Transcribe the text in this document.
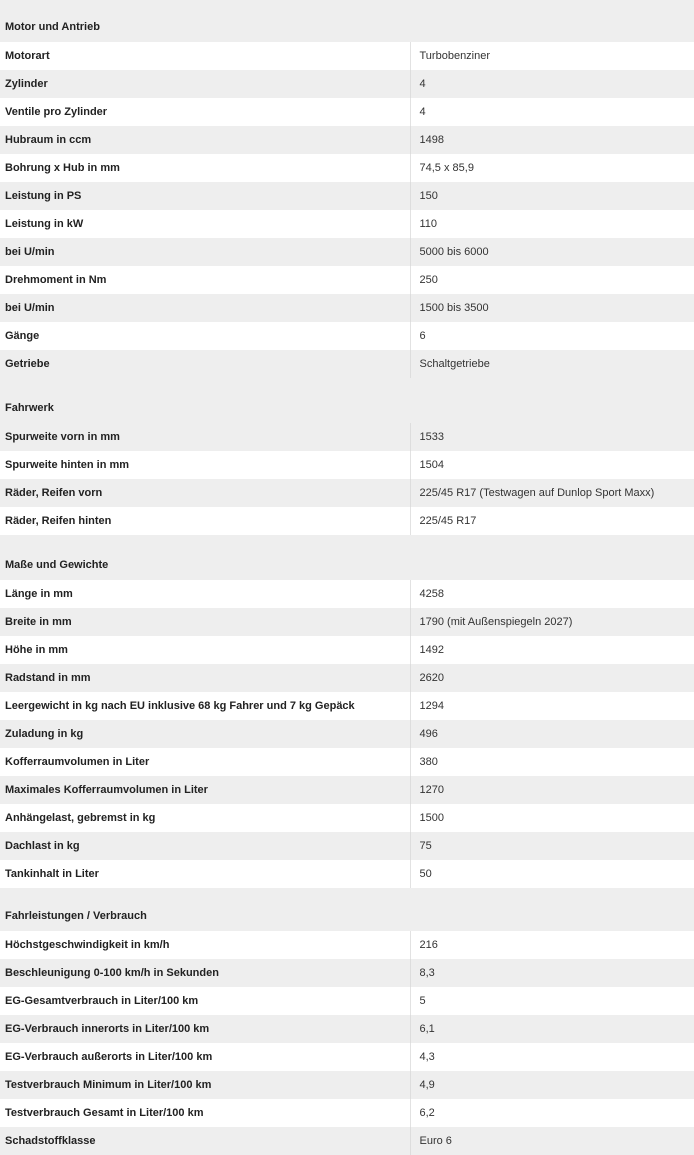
Motor und Antrieb	
Motorart	Turbobenziner
Zylinder	4
Ventile pro Zylinder	4
Hubraum in ccm	1498
Bohrung x Hub in mm	74,5 x 85,9
Leistung in PS	150
Leistung in kW	110
bei U/min	5000 bis 6000
Drehmoment in Nm	250
bei U/min	1500 bis 3500
Gänge	6
Getriebe	Schaltgetriebe
Fahrwerk	
Spurweite vorn in mm	1533
Spurweite hinten in mm	1504
Räder, Reifen vorn	225/45 R17 (Testwagen auf Dunlop Sport Maxx)
Räder, Reifen hinten	225/45 R17
Maße und Gewichte	
Länge in mm	4258
Breite in mm	1790 (mit Außenspiegeln 2027)
Höhe in mm	1492
Radstand in mm	2620
Leergewicht in kg nach EU inklusive 68 kg Fahrer und 7 kg Gepäck	1294
Zuladung in kg	496
Kofferraumvolumen in Liter	380
Maximales Kofferraumvolumen in Liter	1270
Anhängelast, gebremst in kg	1500
Dachlast in kg	75
Tankinhalt in Liter	50
Fahrleistungen / Verbrauch	
Höchstgeschwindigkeit in km/h	216
Beschleunigung 0-100 km/h in Sekunden	8,3
EG-Gesamtverbrauch in Liter/100 km	5
EG-Verbrauch innerorts in Liter/100 km	6,1
EG-Verbrauch außerorts in Liter/100 km	4,3
Testverbrauch Minimum in Liter/100 km	4,9
Testverbrauch Gesamt in Liter/100 km	6,2
Schadstoffklasse	Euro 6
